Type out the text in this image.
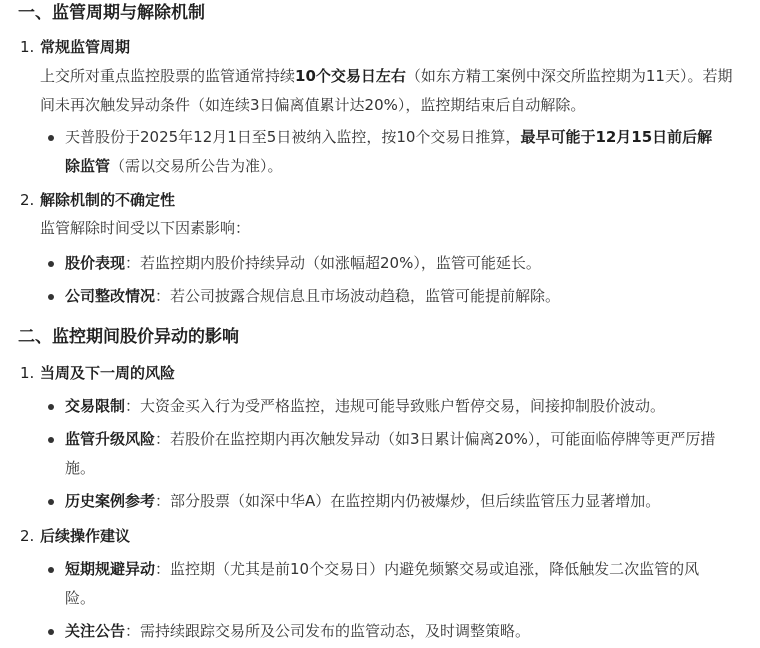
一、监管周期与解除机制
1. 常规监管周期

上交所对重点监控股票的监管通常持续10个交易日左右（如东方精工案例中深交所监控期为11天）。若期间未再次触发异动条件（如连续3日偏离值累计达20%），监控期结束后自动解除。

天普股份于2025年12月1日至5日被纳入监控，按10个交易日推算，最早可能于12月15日前后解除监管（需以交易所公告为准）。
2. 解除机制的不确定性

监管解除时间受以下因素影响：

股价表现：若监控期内股价持续异动（如涨幅超20%），监管可能延长。
公司整改情况：若公司披露合规信息且市场波动趋稳，监管可能提前解除。
二、监控期间股价异动的影响
1. 当周及下一周的风险
交易限制：大资金买入行为受严格监控，违规可能导致账户暂停交易，间接抑制股价波动。
监管升级风险：若股价在监控期内再次触发异动（如3日累计偏离20%），可能面临停牌等更严厉措施。
历史案例参考：部分股票（如深中华A）在监控期内仍被爆炒，但后续监管压力显著增加。
2. 后续操作建议
短期规避异动：监控期（尤其是前10个交易日）内避免频繁交易或追涨，降低触发二次监管的风险。
关注公告：需持续跟踪交易所及公司发布的监管动态，及时调整策略。
